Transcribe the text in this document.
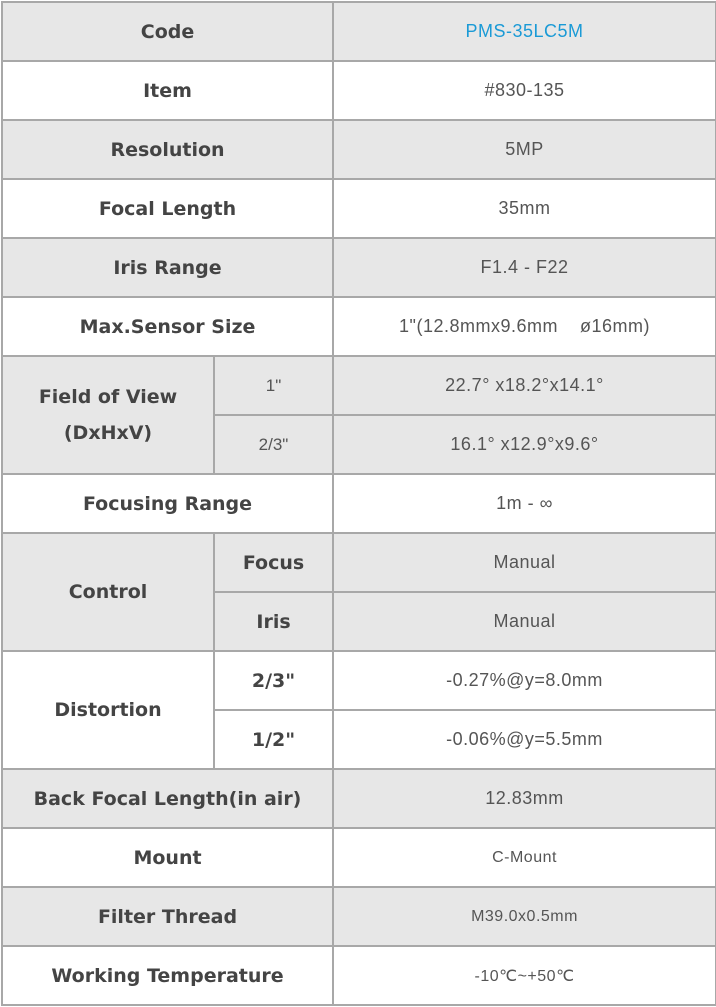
Code		PMS-35LC5M
Item		#830-135
Resolution		5MP
Focal Length		35mm
Iris Range		F1.4 - F22
Max.Sensor Size		1"(12.8mmx9.6mm    ø16mm)

Field of View
(DxHxV)	1"	22.7° x18.2°x14.1°
	2/3"	16.1° x12.9°x9.6°
Focusing Range		1m - ∞
Control	Focus	Manual
	Iris	Manual
Distortion	2/3"	-0.27%@y=8.0mm
	1/2"	-0.06%@y=5.5mm
Back Focal Length(in air)		12.83mm
Mount		C-Mount
Filter Thread		M39.0x0.5mm
Working Temperature		-10℃~+50℃
